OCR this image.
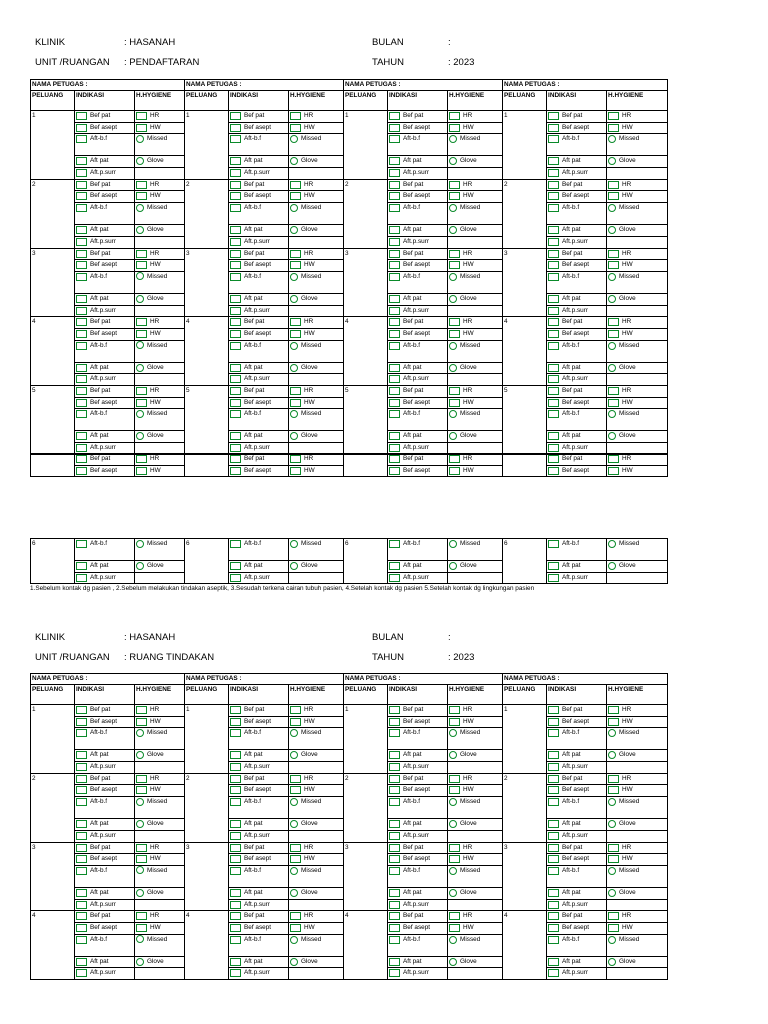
KLINIK	: HASANAH	BULAN	:
UNIT /RUANGAN : PENDAFTARAN	TAHUN	: 2023
NAMA PETUGAS :			NAMA PETUGAS :			NAMA PETUGAS :			NAMA PETUGAS :		
PELUANG	INDIKASI	H.HYGIENE	PELUANG	INDIKASI	H.HYGIENE	PELUANG	INDIKASI	H.HYGIENE	PELUANG	INDIKASI	H.HYGIENE
1	Bef pat	HR	1	Bef pat	HR	1	Bef pat	HR	1	Bef pat	HR
	Bef asept	HW		Bef asept	HW		Bef asept	HW		Bef asept	HW
	Aft-b.f	Missed		Aft-b.f	Missed		Aft-b.f	Missed		Aft-b.f	Missed
	Aft pat	Glove		Aft pat	Glove		Aft pat	Glove		Aft pat	Glove
	Aft.p.surr			Aft.p.surr			Aft.p.surr			Aft.p.surr	
2	Bef pat	HR	2	Bef pat	HR	2	Bef pat	HR	2	Bef pat	HR
	Bef asept	HW		Bef asept	HW		Bef asept	HW		Bef asept	HW
	Aft-b.f	Missed		Aft-b.f	Missed		Aft-b.f	Missed		Aft-b.f	Missed
	Aft pat	Glove		Aft pat	Glove		Aft pat	Glove		Aft pat	Glove
	Aft.p.surr			Aft.p.surr			Aft.p.surr			Aft.p.surr	
3	Bef pat	HR	3	Bef pat	HR	3	Bef pat	HR	3	Bef pat	HR
	Bef asept	HW		Bef asept	HW		Bef asept	HW		Bef asept	HW
	Aft-b.f	Missed		Aft-b.f	Missed		Aft-b.f	Missed		Aft-b.f	Missed
	Aft pat	Glove		Aft pat	Glove		Aft pat	Glove		Aft pat	Glove
	Aft.p.surr			Aft.p.surr			Aft.p.surr			Aft.p.surr	
4	Bef pat	HR	4	Bef pat	HR	4	Bef pat	HR	4	Bef pat	HR
	Bef asept	HW		Bef asept	HW		Bef asept	HW		Bef asept	HW
	Aft-b.f	Missed		Aft-b.f	Missed		Aft-b.f	Missed		Aft-b.f	Missed
	Aft pat	Glove		Aft pat	Glove		Aft pat	Glove		Aft pat	Glove
	Aft.p.surr			Aft.p.surr			Aft.p.surr			Aft.p.surr	
5	Bef pat	HR	5	Bef pat	HR	5	Bef pat	HR	5	Bef pat	HR
	Bef asept	HW		Bef asept	HW		Bef asept	HW		Bef asept	HW
	Aft-b.f	Missed		Aft-b.f	Missed		Aft-b.f	Missed		Aft-b.f	Missed
	Aft pat	Glove		Aft pat	Glove		Aft pat	Glove		Aft pat	Glove
	Aft.p.surr			Aft.p.surr			Aft.p.surr			Aft.p.surr	
	Bef pat	HR		Bef pat	HR		Bef pat	HR		Bef pat	HR
	Bef asept	HW		Bef asept	HW		Bef asept	HW		Bef asept	HW
6	Aft-b.f	Missed	6	Aft-b.f	Missed	6	Aft-b.f	Missed	6	Aft-b.f	Missed
	Aft pat	Glove		Aft pat	Glove		Aft pat	Glove		Aft pat	Glove
	Aft.p.surr			Aft.p.surr			Aft.p.surr			Aft.p.surr	
1.Sebelum kontak dg pasien , 2.Sebelum melakukan tindakan aseptik, 3.Sesudah terkena cairan tubuh pasien, 4.Setelah kontak dg pasien 5.Setelah kontak dg lingkungan pasien
KLINIK	: HASANAH	BULAN	:
UNIT /RUANGAN : RUANG TINDAKAN	TAHUN	: 2023
NAMA PETUGAS :			NAMA PETUGAS :			NAMA PETUGAS :			NAMA PETUGAS :		
PELUANG	INDIKASI	H.HYGIENE	PELUANG	INDIKASI	H.HYGIENE	PELUANG	INDIKASI	H.HYGIENE	PELUANG	INDIKASI	H.HYGIENE
1	Bef pat	HR	1	Bef pat	HR	1	Bef pat	HR	1	Bef pat	HR
	Bef asept	HW		Bef asept	HW		Bef asept	HW		Bef asept	HW
	Aft-b.f	Missed		Aft-b.f	Missed		Aft-b.f	Missed		Aft-b.f	Missed
	Aft pat	Glove		Aft pat	Glove		Aft pat	Glove		Aft pat	Glove
	Aft.p.surr			Aft.p.surr			Aft.p.surr			Aft.p.surr	
2	Bef pat	HR	2	Bef pat	HR	2	Bef pat	HR	2	Bef pat	HR
	Bef asept	HW		Bef asept	HW		Bef asept	HW		Bef asept	HW
	Aft-b.f	Missed		Aft-b.f	Missed		Aft-b.f	Missed		Aft-b.f	Missed
	Aft pat	Glove		Aft pat	Glove		Aft pat	Glove		Aft pat	Glove
	Aft.p.surr			Aft.p.surr			Aft.p.surr			Aft.p.surr	
3	Bef pat	HR	3	Bef pat	HR	3	Bef pat	HR	3	Bef pat	HR
	Bef asept	HW		Bef asept	HW		Bef asept	HW		Bef asept	HW
	Aft-b.f	Missed		Aft-b.f	Missed		Aft-b.f	Missed		Aft-b.f	Missed
	Aft pat	Glove		Aft pat	Glove		Aft pat	Glove		Aft pat	Glove
	Aft.p.surr			Aft.p.surr			Aft.p.surr			Aft.p.surr	
4	Bef pat	HR	4	Bef pat	HR	4	Bef pat	HR	4	Bef pat	HR
	Bef asept	HW		Bef asept	HW		Bef asept	HW		Bef asept	HW
	Aft-b.f	Missed		Aft-b.f	Missed		Aft-b.f	Missed		Aft-b.f	Missed
	Aft pat	Glove		Aft pat	Glove		Aft pat	Glove		Aft pat	Glove
	Aft.p.surr			Aft.p.surr			Aft.p.surr			Aft.p.surr	
